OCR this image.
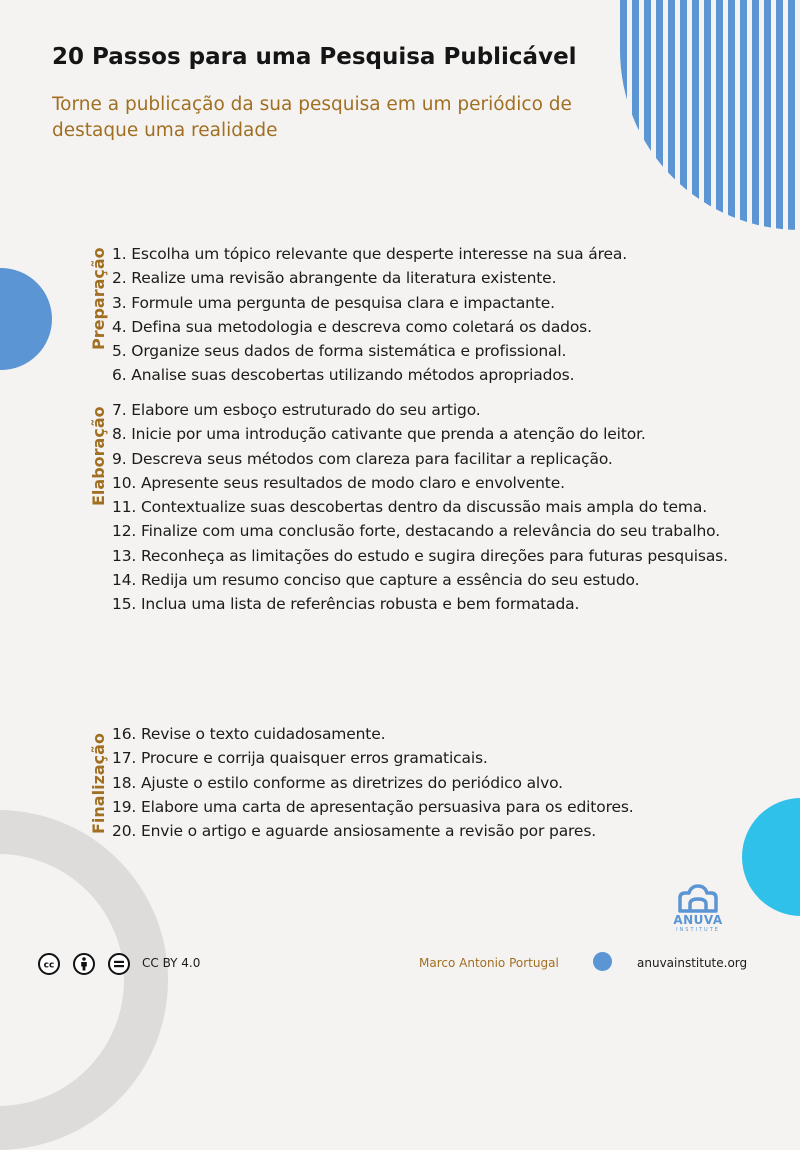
20 Passos para uma Pesquisa Publicável

Torne a publicação da sua pesquisa em um periódico de destaque uma realidade

Preparação 1. Escolha um tópico relevante que desperte interesse na sua área.
2. Realize uma revisão abrangente da literatura existente.
3. Formule uma pergunta de pesquisa clara e impactante.
4. Defina sua metodologia e descreva como coletará os dados.
5. Organize seus dados de forma sistemática e profissional.
6. Analise suas descobertas utilizando métodos apropriados.
Elaboração 7. Elabore um esboço estruturado do seu artigo.
8. Inicie por uma introdução cativante que prenda a atenção do leitor.
9. Descreva seus métodos com clareza para facilitar a replicação.
10. Apresente seus resultados de modo claro e envolvente.
11. Contextualize suas descobertas dentro da discussão mais ampla do tema.
12. Finalize com uma conclusão forte, destacando a relevância do seu trabalho.
13. Reconheça as limitações do estudo e sugira direções para futuras pesquisas.
14. Redija um resumo conciso que capture a essência do seu estudo.
15. Inclua uma lista de referências robusta e bem formatada.
Finalização 16. Revise o texto cuidadosamente.
17. Procure e corrija quaisquer erros gramaticais.
18. Ajuste o estilo conforme as diretrizes do periódico alvo.
19. Elabore uma carta de apresentação persuasiva para os editores.
20. Envie o artigo e aguarde ansiosamente a revisão por pares.
ANUVA
INSTITUTE
cc	CC BY 4.0	Marco Antonio Portugal	anuvainstitute.org
